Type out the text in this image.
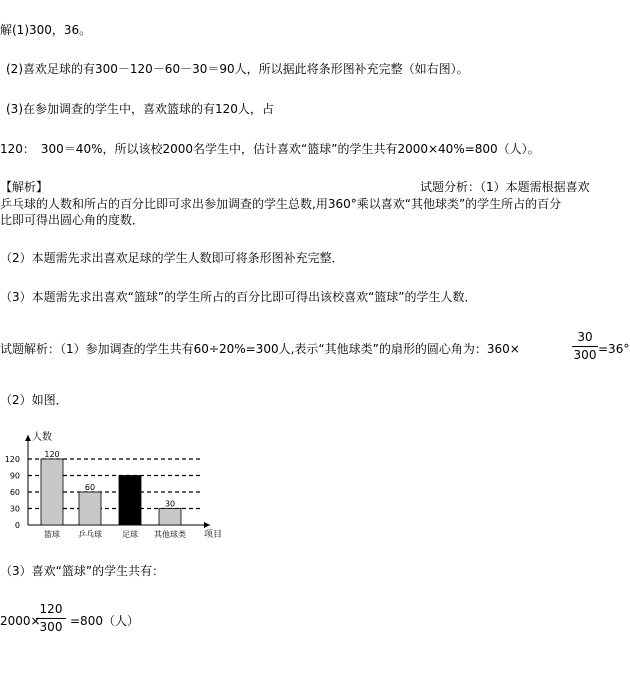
解(1)300，36。
(2)喜欢足球的有300－120－60－30＝90人，所以据此将条形图补充完整（如右图）。
(3)在参加调查的学生中，喜欢篮球的有120人，占
120：　300＝40%，所以该校2000名学生中，估计喜欢“篮球”的学生共有2000×40%=800（人）。
【解析】	试题分析：（1）本题需根据喜欢
乒乓球的人数和所占的百分比即可求出参加调查的学生总数,用360°乘以喜欢“其他球类”的学生所占的百分
比即可得出圆心角的度数．
（2）本题需先求出喜欢足球的学生人数即可将条形图补充完整．
（3）本题需先求出喜欢“篮球”的学生所占的百分比即可得出该校喜欢“篮球”的学生人数．
试题解析：（1）参加调查的学生共有60÷20%=300人,表示“其他球类”的扇形的圆心角为：360×
30
300 =36°
（2）如图．
人数
项目
0
30
60
90
120
120
篮球
60
乒乓球	足球
30
其他球类
（3）喜欢“篮球”的学生共有：
2000×
120
300 =800（人）
